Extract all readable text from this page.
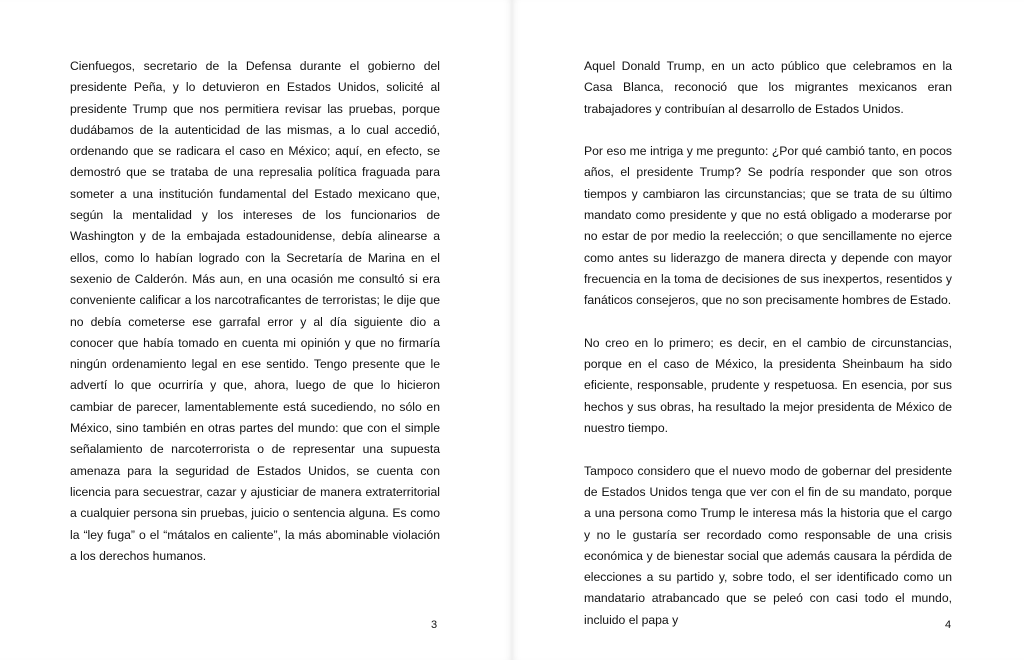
Cienfuegos, secretario de la Defensa durante el gobierno del presidente Peña, y lo detuvieron en Estados Unidos, solicité al presidente Trump que nos permitiera revisar las pruebas, porque dudábamos de la autenticidad de las mismas, a lo cual accedió, ordenando que se radicara el caso en México; aquí, en efecto, se demostró que se trataba de una represalia política fraguada para someter a una institución fundamental del Estado mexicano que, según la mentalidad y los intereses de los funcionarios de Washington y de la embajada estadounidense, debía alinearse a ellos, como lo habían logrado con la Secretaría de Marina en el sexenio de Calderón. Más aun, en una ocasión me consultó si era conveniente calificar a los narcotraficantes de terroristas; le dije que no debía cometerse ese garrafal error y al día siguiente dio a conocer que había tomado en cuenta mi opinión y que no firmaría ningún ordenamiento legal en ese sentido. Tengo presente que le advertí lo que ocurriría y que, ahora, luego de que lo hicieron cambiar de parecer, lamentablemente está sucediendo, no sólo en México, sino también en otras partes del mundo: que con el simple señalamiento de narcoterrorista o de representar una supuesta amenaza para la seguridad de Estados Unidos, se cuenta con licencia para secuestrar, cazar y ajusticiar de manera extraterritorial a cualquier persona sin pruebas, juicio o sentencia alguna. Es como la “ley fuga” o el “mátalos en caliente”, la más abominable violación a los derechos humanos.

3

Aquel Donald Trump, en un acto público que celebramos en la Casa Blanca, reconoció que los migrantes mexicanos eran trabajadores y contribuían al desarrollo de Estados Unidos.

Por eso me intriga y me pregunto: ¿Por qué cambió tanto, en pocos años, el presidente Trump? Se podría responder que son otros tiempos y cambiaron las circunstancias; que se trata de su último mandato como presidente y que no está obligado a moderarse por no estar de por medio la reelección; o que sencillamente no ejerce como antes su liderazgo de manera directa y depende con mayor frecuencia en la toma de decisiones de sus inexpertos, resentidos y fanáticos consejeros, que no son precisamente hombres de Estado.

No creo en lo primero; es decir, en el cambio de circunstancias, porque en el caso de México, la presidenta Sheinbaum ha sido eficiente, responsable, prudente y respetuosa. En esencia, por sus hechos y sus obras, ha resultado la mejor presidenta de México de nuestro tiempo.

Tampoco considero que el nuevo modo de gobernar del presidente de Estados Unidos tenga que ver con el fin de su mandato, porque a una persona como Trump le interesa más la historia que el cargo y no le gustaría ser recordado como responsable de una crisis económica y de bienestar social que además causara la pérdida de elecciones a su partido y, sobre todo, el ser identificado como un mandatario atrabancado que se peleó con casi todo el mundo, incluido el papa y	4
